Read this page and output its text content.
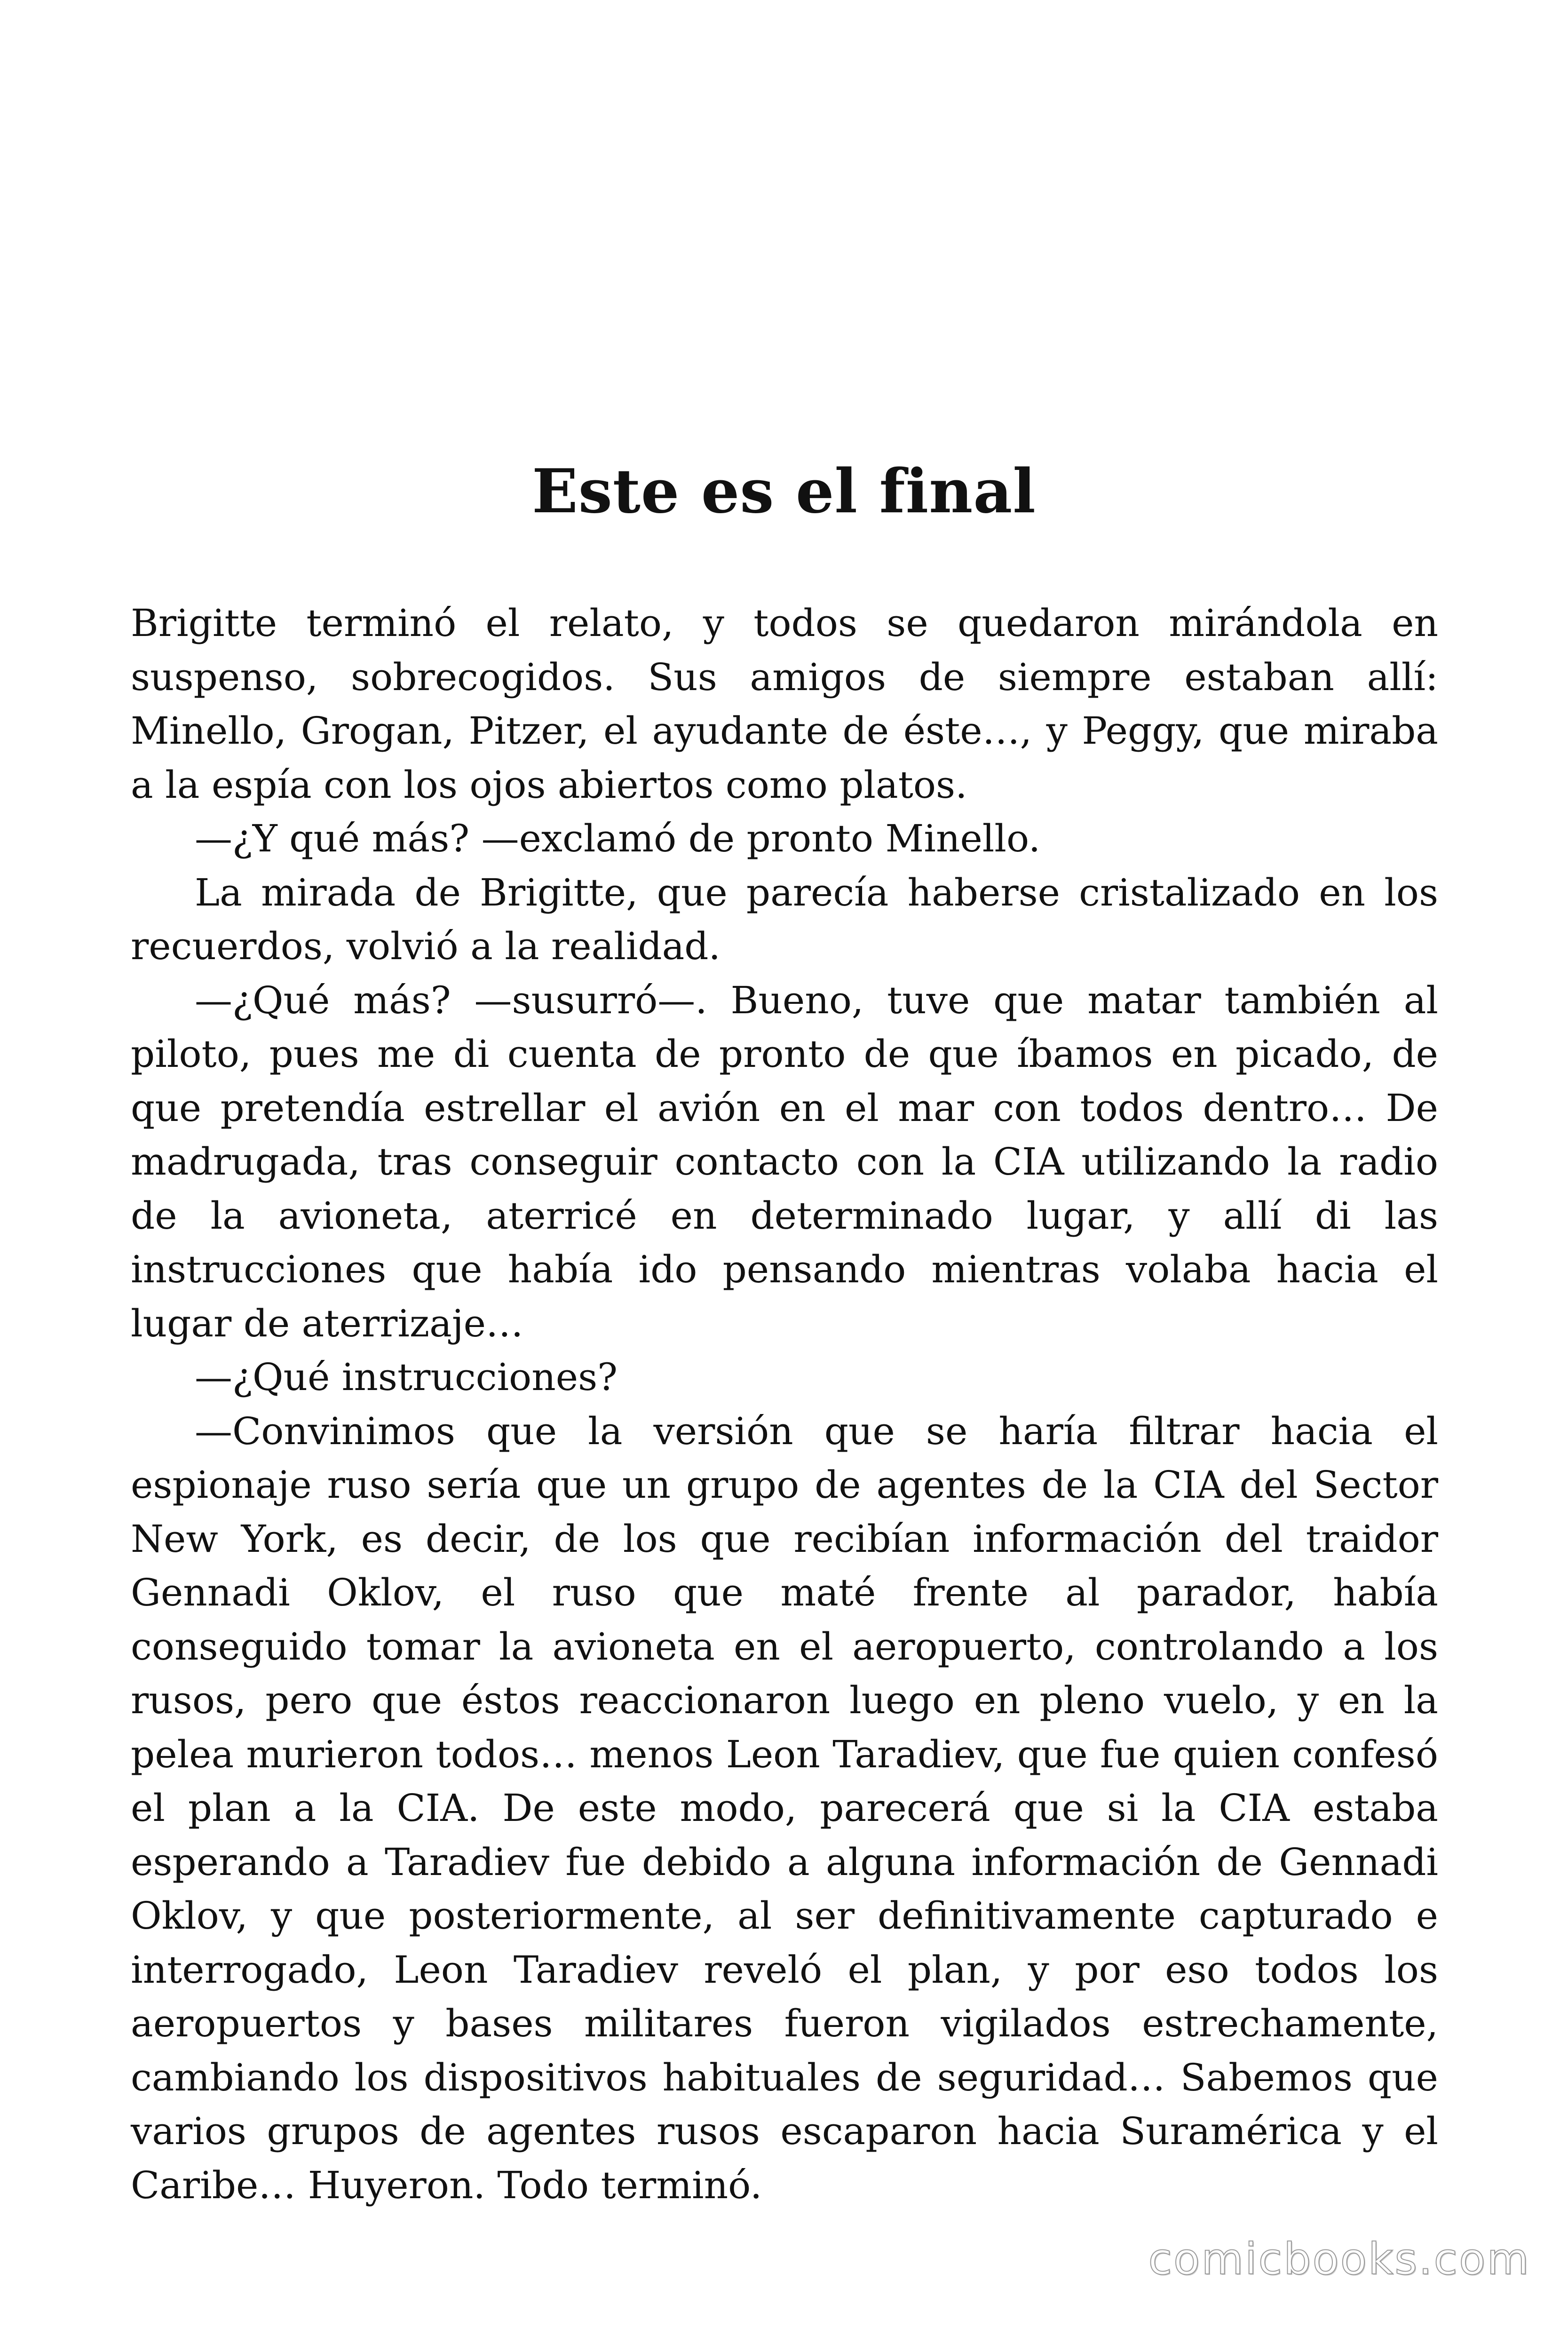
Este es el final

Brigitte terminó el relato, y todos se quedaron mirándola en suspenso, sobrecogidos. Sus amigos de siempre estaban allí: Minello, Grogan, Pitzer, el ayudante de éste…, y Peggy, que miraba a la espía con los ojos abiertos como platos.

—¿Y qué más? —exclamó de pronto Minello.

La mirada de Brigitte, que parecía haberse cristalizado en los recuerdos, volvió a la realidad.

—¿Qué más? —susurró—. Bueno, tuve que matar también al piloto, pues me di cuenta de pronto de que íbamos en picado, de que pretendía estrellar el avión en el mar con todos dentro… De madrugada, tras conseguir contacto con la CIA utilizando la radio de la avioneta, aterricé en determinado lugar, y allí di las instrucciones que había ido pensando mientras volaba hacia el lugar de aterrizaje…

—¿Qué instrucciones?

—Convinimos que la versión que se haría filtrar hacia el espionaje ruso sería que un grupo de agentes de la CIA del Sector New York, es decir, de los que recibían información del traidor Gennadi Oklov, el ruso que maté frente al parador, había conseguido tomar la avioneta en el aeropuerto, controlando a los rusos, pero que éstos reaccionaron luego en pleno vuelo, y en la pelea murieron todos… menos Leon Taradiev, que fue quien confesó el plan a la CIA. De este modo, parecerá que si la CIA estaba esperando a Taradiev fue debido a alguna información de Gennadi Oklov, y que posteriormente, al ser definitivamente capturado e interrogado, Leon Taradiev reveló el plan, y por eso todos los aeropuertos y bases militares fueron vigilados estrechamente, cambiando los dispositivos habituales de seguridad… Sabemos que varios grupos de agentes rusos escaparon hacia Suramérica y el Caribe… Huyeron. Todo terminó.

comicbooks.com
